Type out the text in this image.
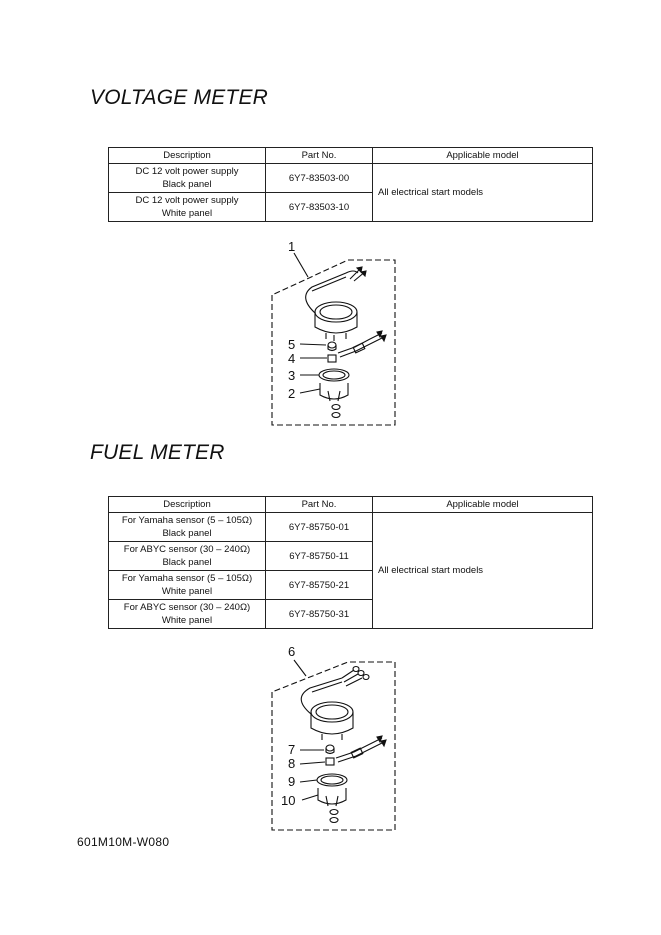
VOLTAGE METER
Description	Part No.	Applicable model

DC 12 volt power supply
Black panel	6Y7-83503-00	All electrical start models

DC 12 volt power supply
White panel	6Y7-83503-10	
1
5
4
3
2
FUEL METER
Description	Part No.	Applicable model

For Yamaha sensor (5 – 105Ω)
Black panel	6Y7-85750-01	All electrical start models

For ABYC sensor (30 – 240Ω)
Black panel	6Y7-85750-11	

For Yamaha sensor (5 – 105Ω)
White panel	6Y7-85750-21	

For ABYC sensor (30 – 240Ω)
White panel	6Y7-85750-31	
6
7
8
9
10
601M10M-W080
